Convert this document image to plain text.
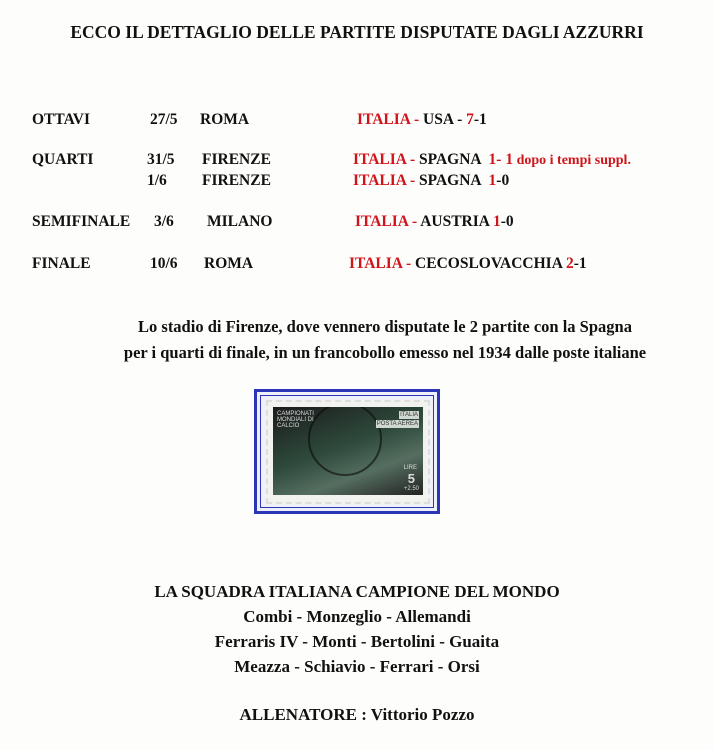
ECCO IL DETTAGLIO DELLE PARTITE DISPUTATE DAGLI AZZURRI
OTTAVI	27/5 ROMA	ITALIA - USA - 7-1
QUARTI	31/5 FIRENZE	ITALIA - SPAGNA  1- 1 dopo i tempi suppl.
1/6 FIRENZE	ITALIA - SPAGNA  1-0
SEMIFINALE 3/6 MILANO	ITALIA - AUSTRIA 1-0
FINALE	10/6 ROMA	ITALIA - CECOSLOVACCHIA 2-1
Lo stadio di Firenze, dove vennero disputate le 2 partite con la Spagna
per i quarti di finale, in un francobollo emesso nel 1934 dalle poste italiane
CAMPIONATI MONDIALI DI CALCIO
ITALIA
POSTA AEREA
LIRE
5
+2.50
LA SQUADRA ITALIANA CAMPIONE DEL MONDO
Combi - Monzeglio - Allemandi
Ferraris IV - Monti - Bertolini - Guaita
Meazza - Schiavio - Ferrari - Orsi
ALLENATORE : Vittorio Pozzo
